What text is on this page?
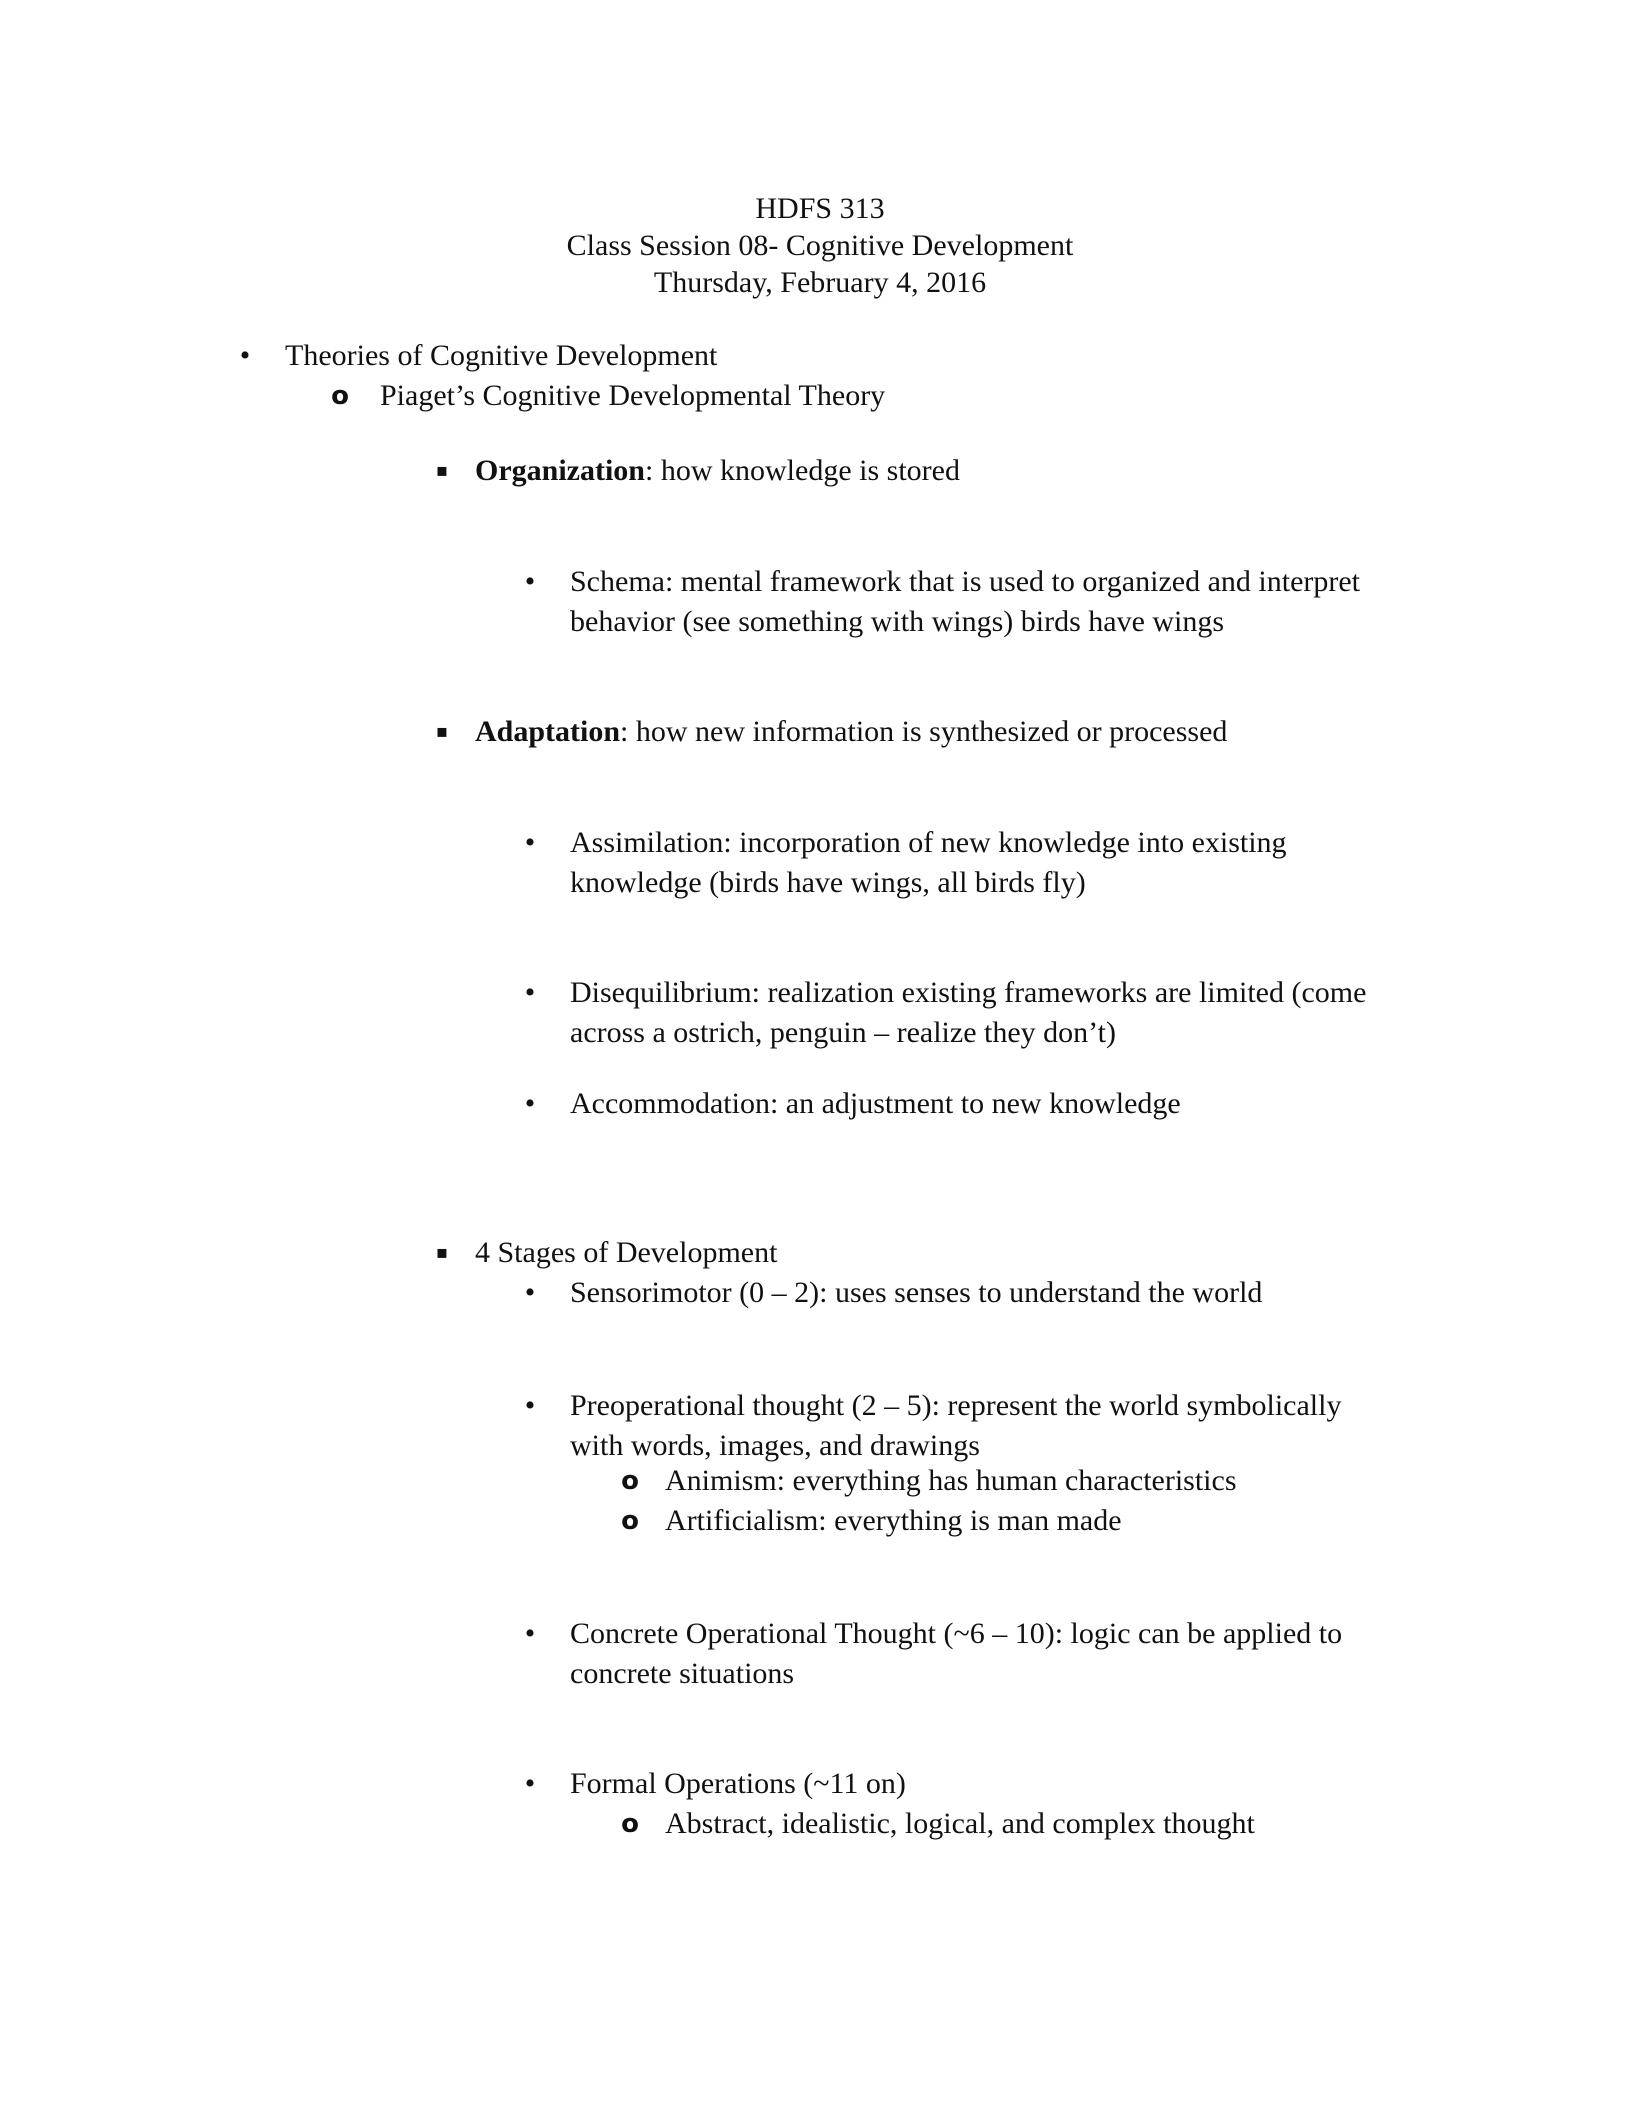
HDFS 313
Class Session 08- Cognitive Development
Thursday, February 4, 2016
•	Theories of Cognitive Development
o Piaget’s Cognitive Developmental Theory
▪ Organization: how knowledge is stored
•	Schema: mental framework that is used to organized and interpret
behavior (see something with wings) birds have wings
▪ Adaptation: how new information is synthesized or processed
•	Assimilation: incorporation of new knowledge into existing
knowledge (birds have wings, all birds fly)
•	Disequilibrium: realization existing frameworks are limited (come
across a ostrich, penguin – realize they don’t)
•	Accommodation: an adjustment to new knowledge
▪ 4 Stages of Development
•	Sensorimotor (0 – 2): uses senses to understand the world
•	Preoperational thought (2 – 5): represent the world symbolically
with words, images, and drawings
o Animism: everything has human characteristics
o Artificialism: everything is man made
•	Concrete Operational Thought (~6 – 10): logic can be applied to
concrete situations
•	Formal Operations (~11 on)
o Abstract, idealistic, logical, and complex thought
